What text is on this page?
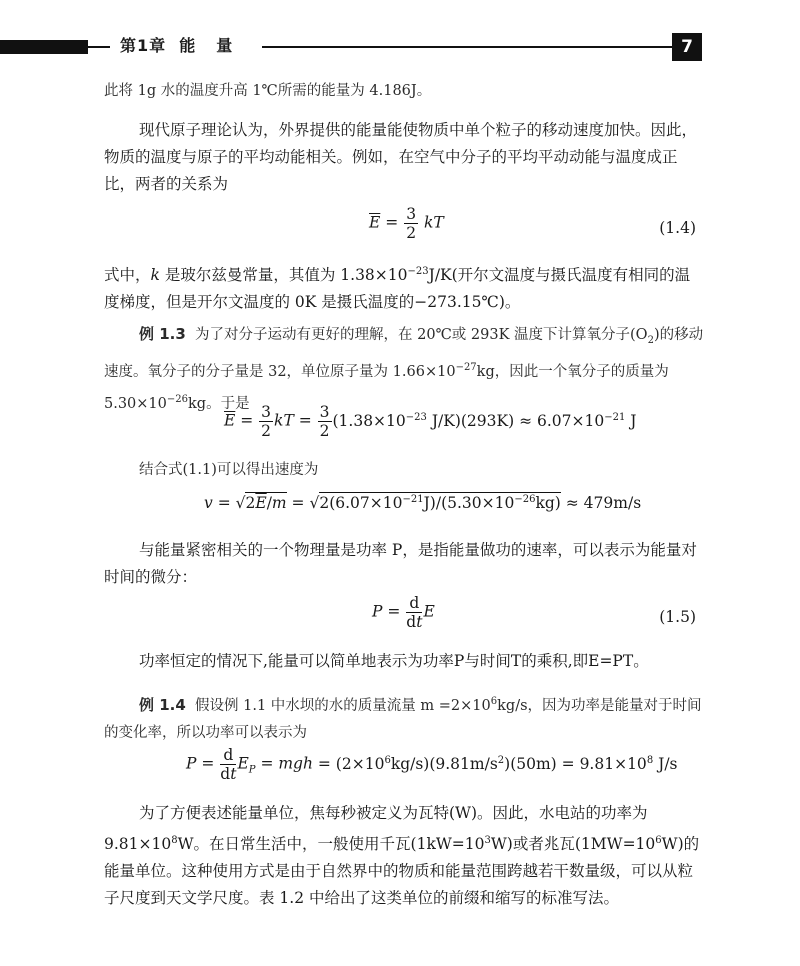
第1章 能 量	7
此将 1g 水的温度升高 1℃所需的能量为 4.186J。
现代原子理论认为，外界提供的能量能使物质中单个粒子的移动速度加快。因此，物质的温度与原子的平均动能相关。例如，在空气中分子的平均平动动能与温度成正比，两者的关系为
$\overline{E} = \frac{3}{2}$ kT	(1.4)
式中，k 是玻尔兹曼常量，其值为 $1.38\times 10^{-23}J/K$(开尔文温度与摄氏温度有相同的温度梯度，但是开尔文温度的 0K 是摄氏温度的−273.15℃)。
例 1.3 为了对分子运动有更好的理解，在 20℃或 293K 温度下计算氧分子$(O_2)$的移动速度。氧分子的分子量是 32，单位原子量为 $1.66\times 10^{-27}kg$，因此一个氧分子的质量为 $5.30\times 10^{-26}kg$。于是
$\overline{E} = \frac{3}{2}$ kT = $\frac{3}{2} (1.38\times 10^{-23}$ $J/K)(293K) \approx 6.07\times 10^{-21}$ J
结合式(1.1)可以得出速度为
$v = √2\overline{E}/m = √2(6.07\times 10^{-21}J)/(5.30\times 10^{-26}kg) \approx 479m/s$
与能量紧密相关的一个物理量是功率 P，是指能量做功的速率，可以表示为能量对时间的微分：
$P = \frac{d}{dt}$ E	(1.5)
功率恒定的情况下,能量可以简单地表示为功率P与时间T的乘积,即E=PT。
例 1.4 假设例 1.1 中水坝的水的质量流量 $m =2\times 10^6kg/s$，因为功率是能量对于时间的变化率，所以功率可以表示为
$P = \frac{d}{dt} E_P$ = mgh = $(2\times 10^6kg/s)(9.81m/s^2)(50m) = 9.81\times 10^8$ J/s
为了方便表述能量单位，焦每秒被定义为瓦特(W)。因此，水电站的功率为 $9.81\times 10^8W$。在日常生活中，一般使用千瓦$(1kW=10^3W)$或者兆瓦$(1MW=10^6W)$的能量单位。这种使用方式是由于自然界中的物质和能量范围跨越若干数量级，可以从粒子尺度到天文学尺度。表 1.2 中给出了这类单位的前缀和缩写的标准写法。
